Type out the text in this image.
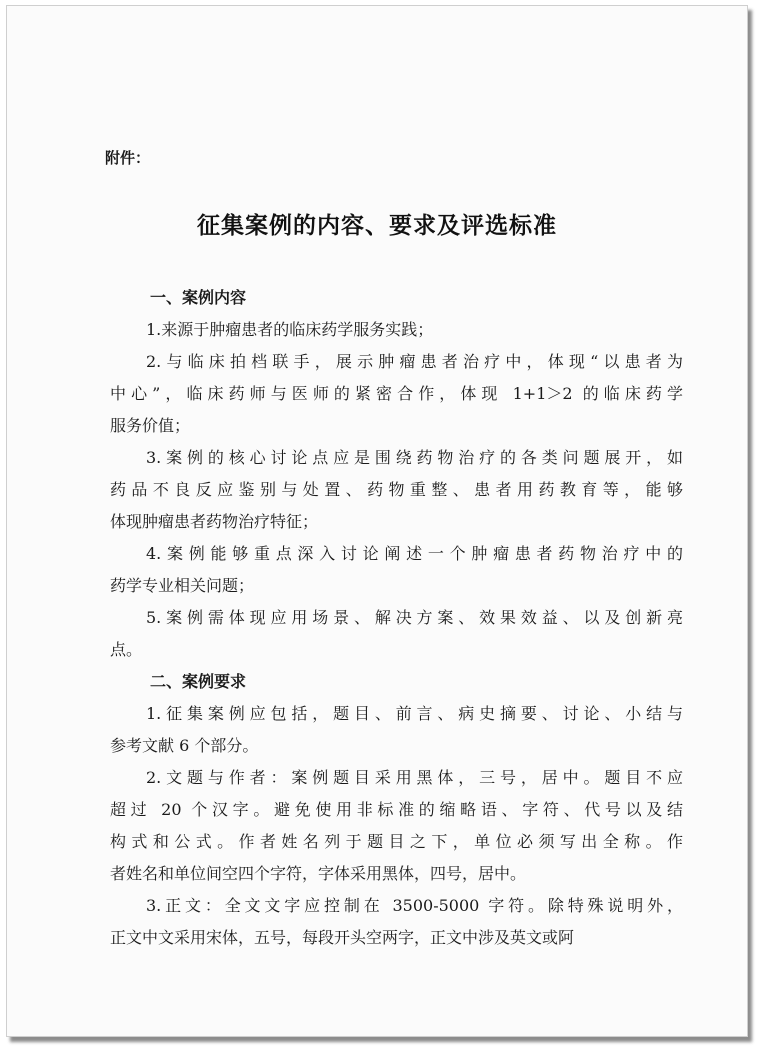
附件：
征集案例的内容、要求及评选标准
一、案例内容
1.来源于肿瘤患者的临床药学服务实践；
2.与临床拍档联手，展示肿瘤患者治疗中，体现“以患者为
中心”，临床药师与医师的紧密合作，体现 1+1＞2 的临床药学
服务价值；
3.案例的核心讨论点应是围绕药物治疗的各类问题展开，如
药品不良反应鉴别与处置、药物重整、患者用药教育等，能够
体现肿瘤患者药物治疗特征；
4.案例能够重点深入讨论阐述一个肿瘤患者药物治疗中的
药学专业相关问题；
5.案例需体现应用场景、解决方案、效果效益、以及创新亮
点。
二、案例要求
1.征集案例应包括，题目、前言、病史摘要、讨论、小结与
参考文献 6 个部分。
2.文题与作者：案例题目采用黑体，三号，居中。题目不应
超过 20 个汉字。避免使用非标准的缩略语、字符、代号以及结
构式和公式。作者姓名列于题目之下，单位必须写出全称。作
者姓名和单位间空四个字符，字体采用黑体，四号，居中。
3.正文：全文文字应控制在 3500-5000 字符。除特殊说明外，
正文中文采用宋体，五号，每段开头空两字，正文中涉及英文或阿
